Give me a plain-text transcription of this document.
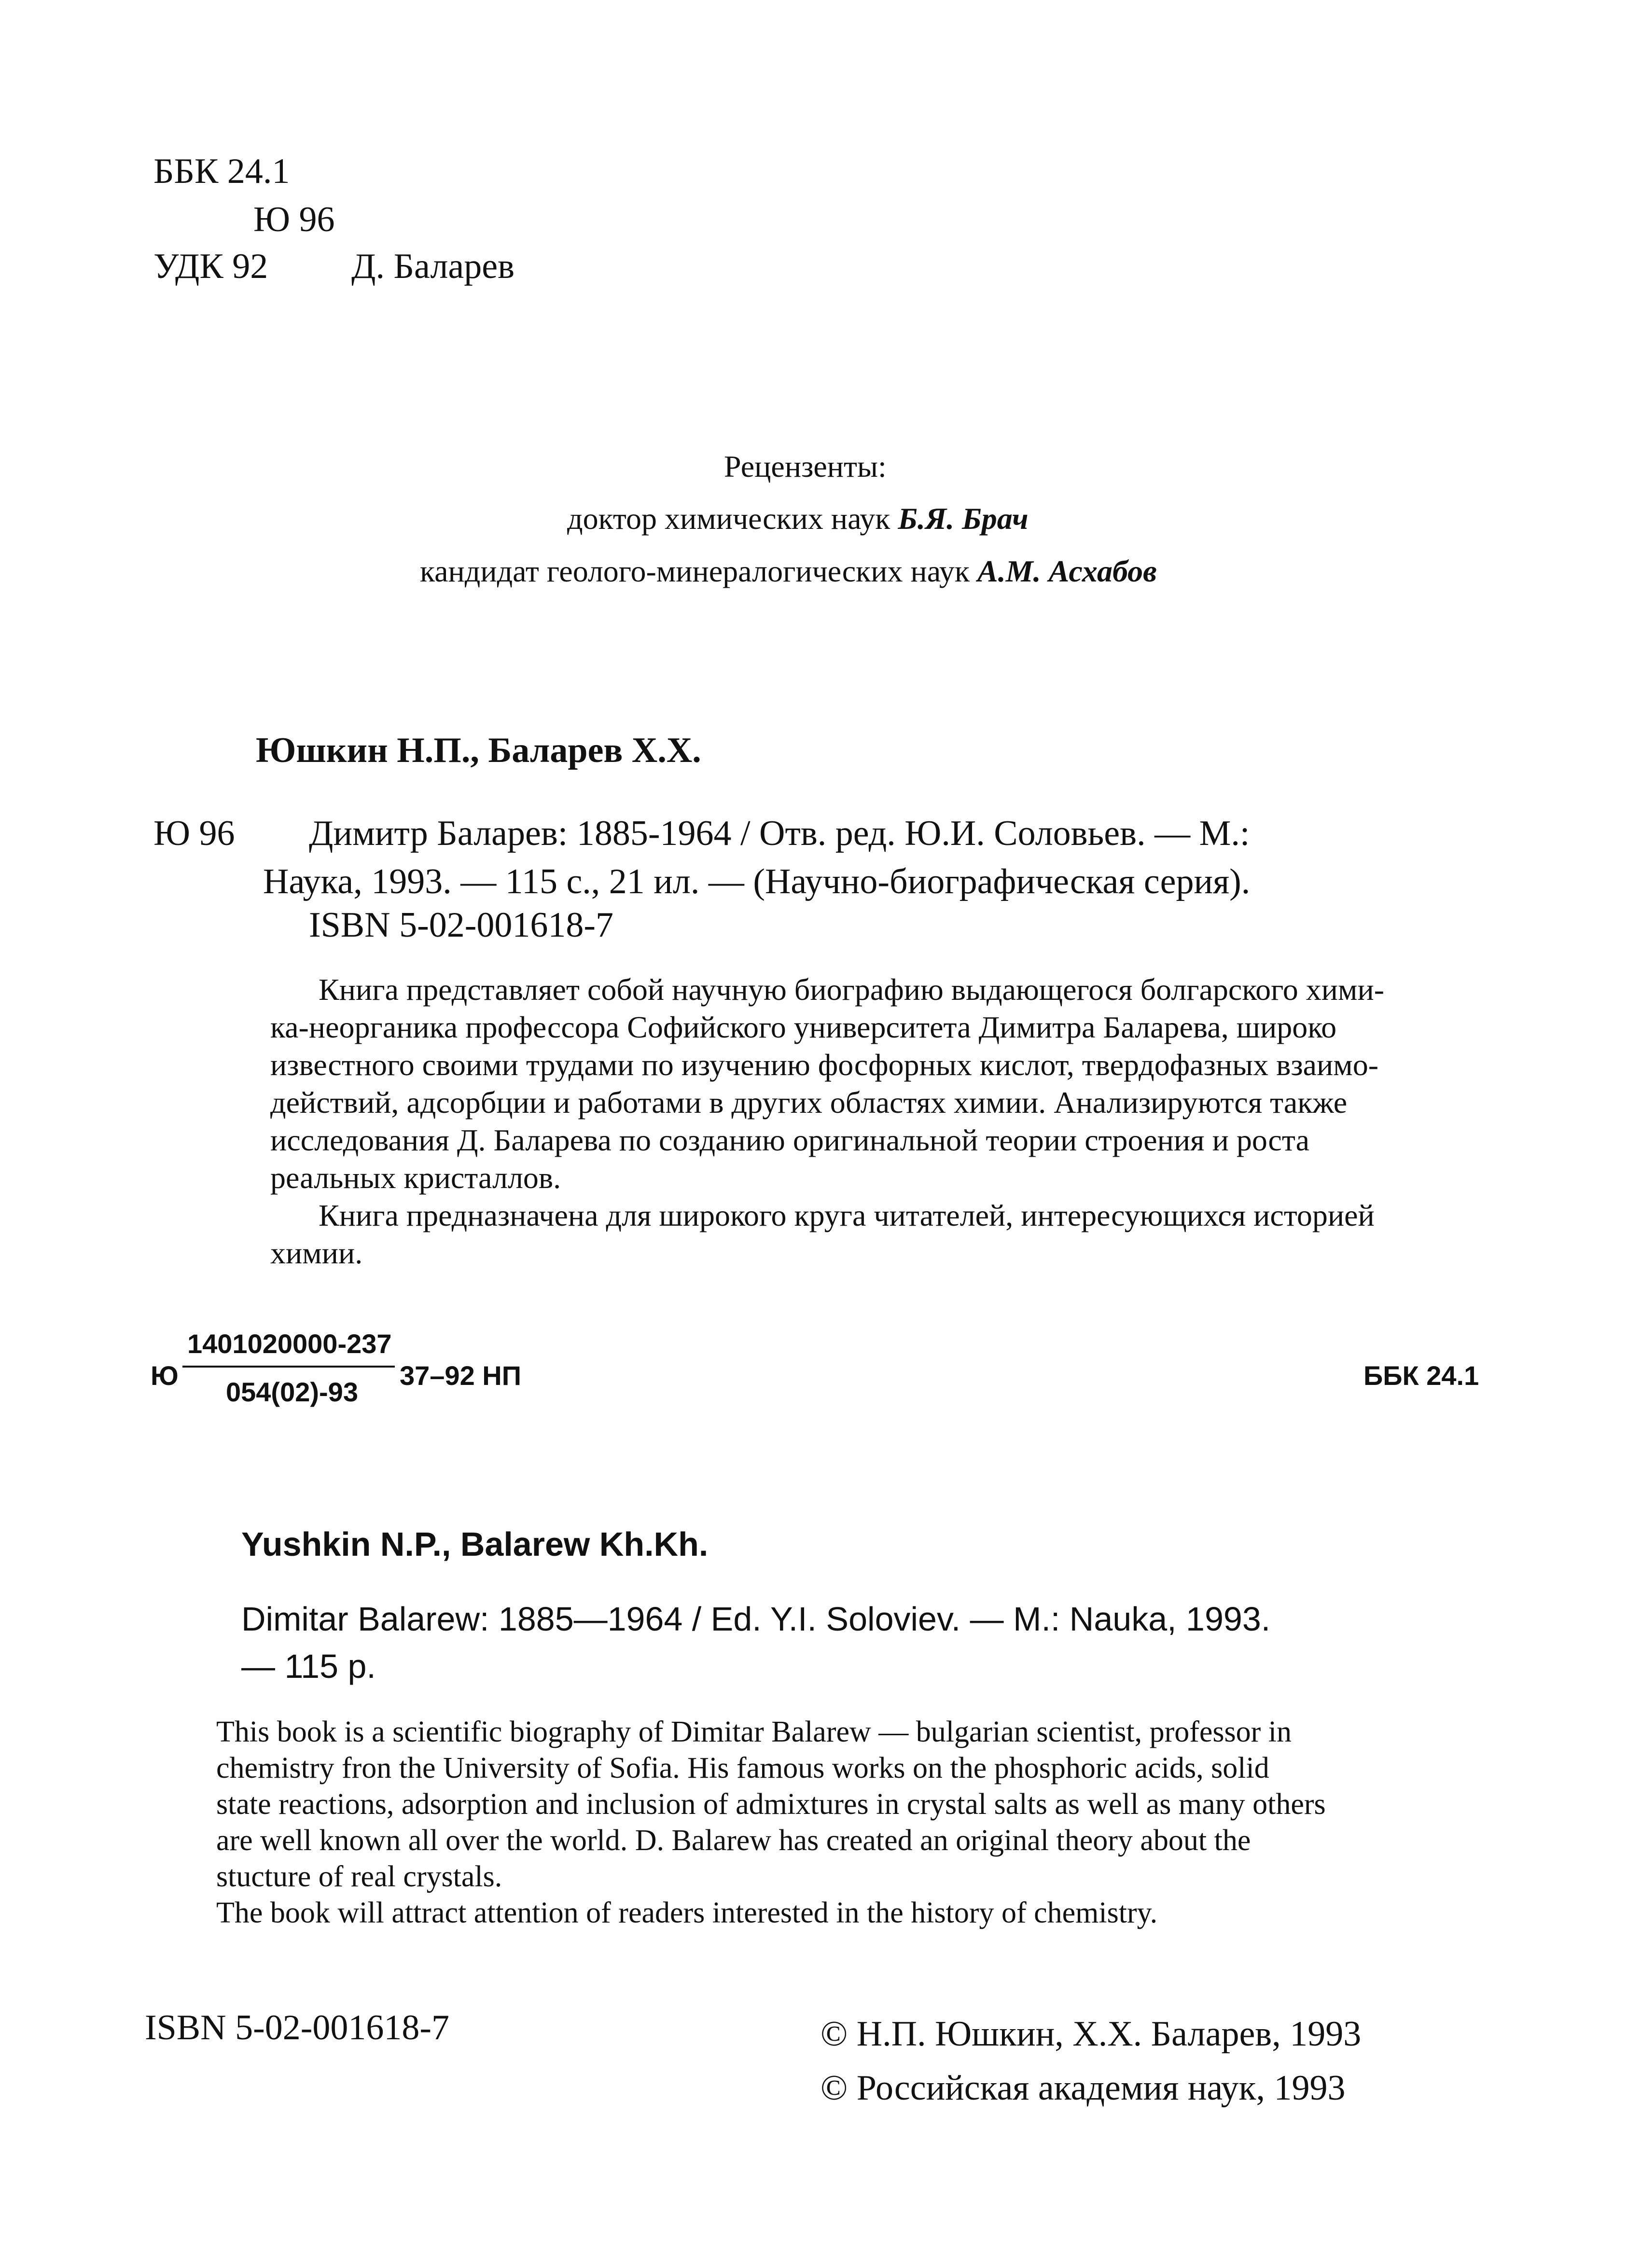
ББК 24.1
Ю 96
УДК 92 Д. Баларев
Рецензенты:
доктор химических наук Б.Я. Брач
кандидат геолого-минералогических наук А.М. Асхабов
Юшкин Н.П., Баларев Х.Х.
Ю 96 Димитр Баларев: 1885-1964 / Отв. ред. Ю.И. Соловьев. — М.:
Наука, 1993. — 115 с., 21 ил. — (Научно-биографическая серия).
ISBN 5-02-001618-7
Книга представляет собой научную биографию выдающегося болгарского хими-
ка-неорганика профессора Софийского университета Димитра Баларева, широко
известного своими трудами по изучению фосфорных кислот, твердофазных взаимо-
действий, адсорбции и работами в других областях химии. Анализируются также
исследования Д. Баларева по созданию оригинальной теории строения и роста
реальных кристаллов.
Книга предназначена для широкого круга читателей, интересующихся историей
химии.
Ю
1401020000-237
054(02)-93
37–92 НП	ББК 24.1
Yushkin N.P., Balarew Kh.Kh.
Dimitar Balarew: 1885—1964 / Ed. Y.I. Soloviev. — M.: Nauka, 1993.
— 115 p.
This book is a scientific biography of Dimitar Balarew — bulgarian scientist, professor in
chemistry fron the University of Sofia. His famous works on the phosphoric acids, solid
state reactions, adsorption and inclusion of admixtures in crystal salts as well as many others
are well known all over the world. D. Balarew has created an original theory about the
stucture of real crystals.
The book will attract attention of readers interested in the history of chemistry.
ISBN 5-02-001618-7	© Н.П. Юшкин, Х.Х. Баларев, 1993
© Российская академия наук, 1993
